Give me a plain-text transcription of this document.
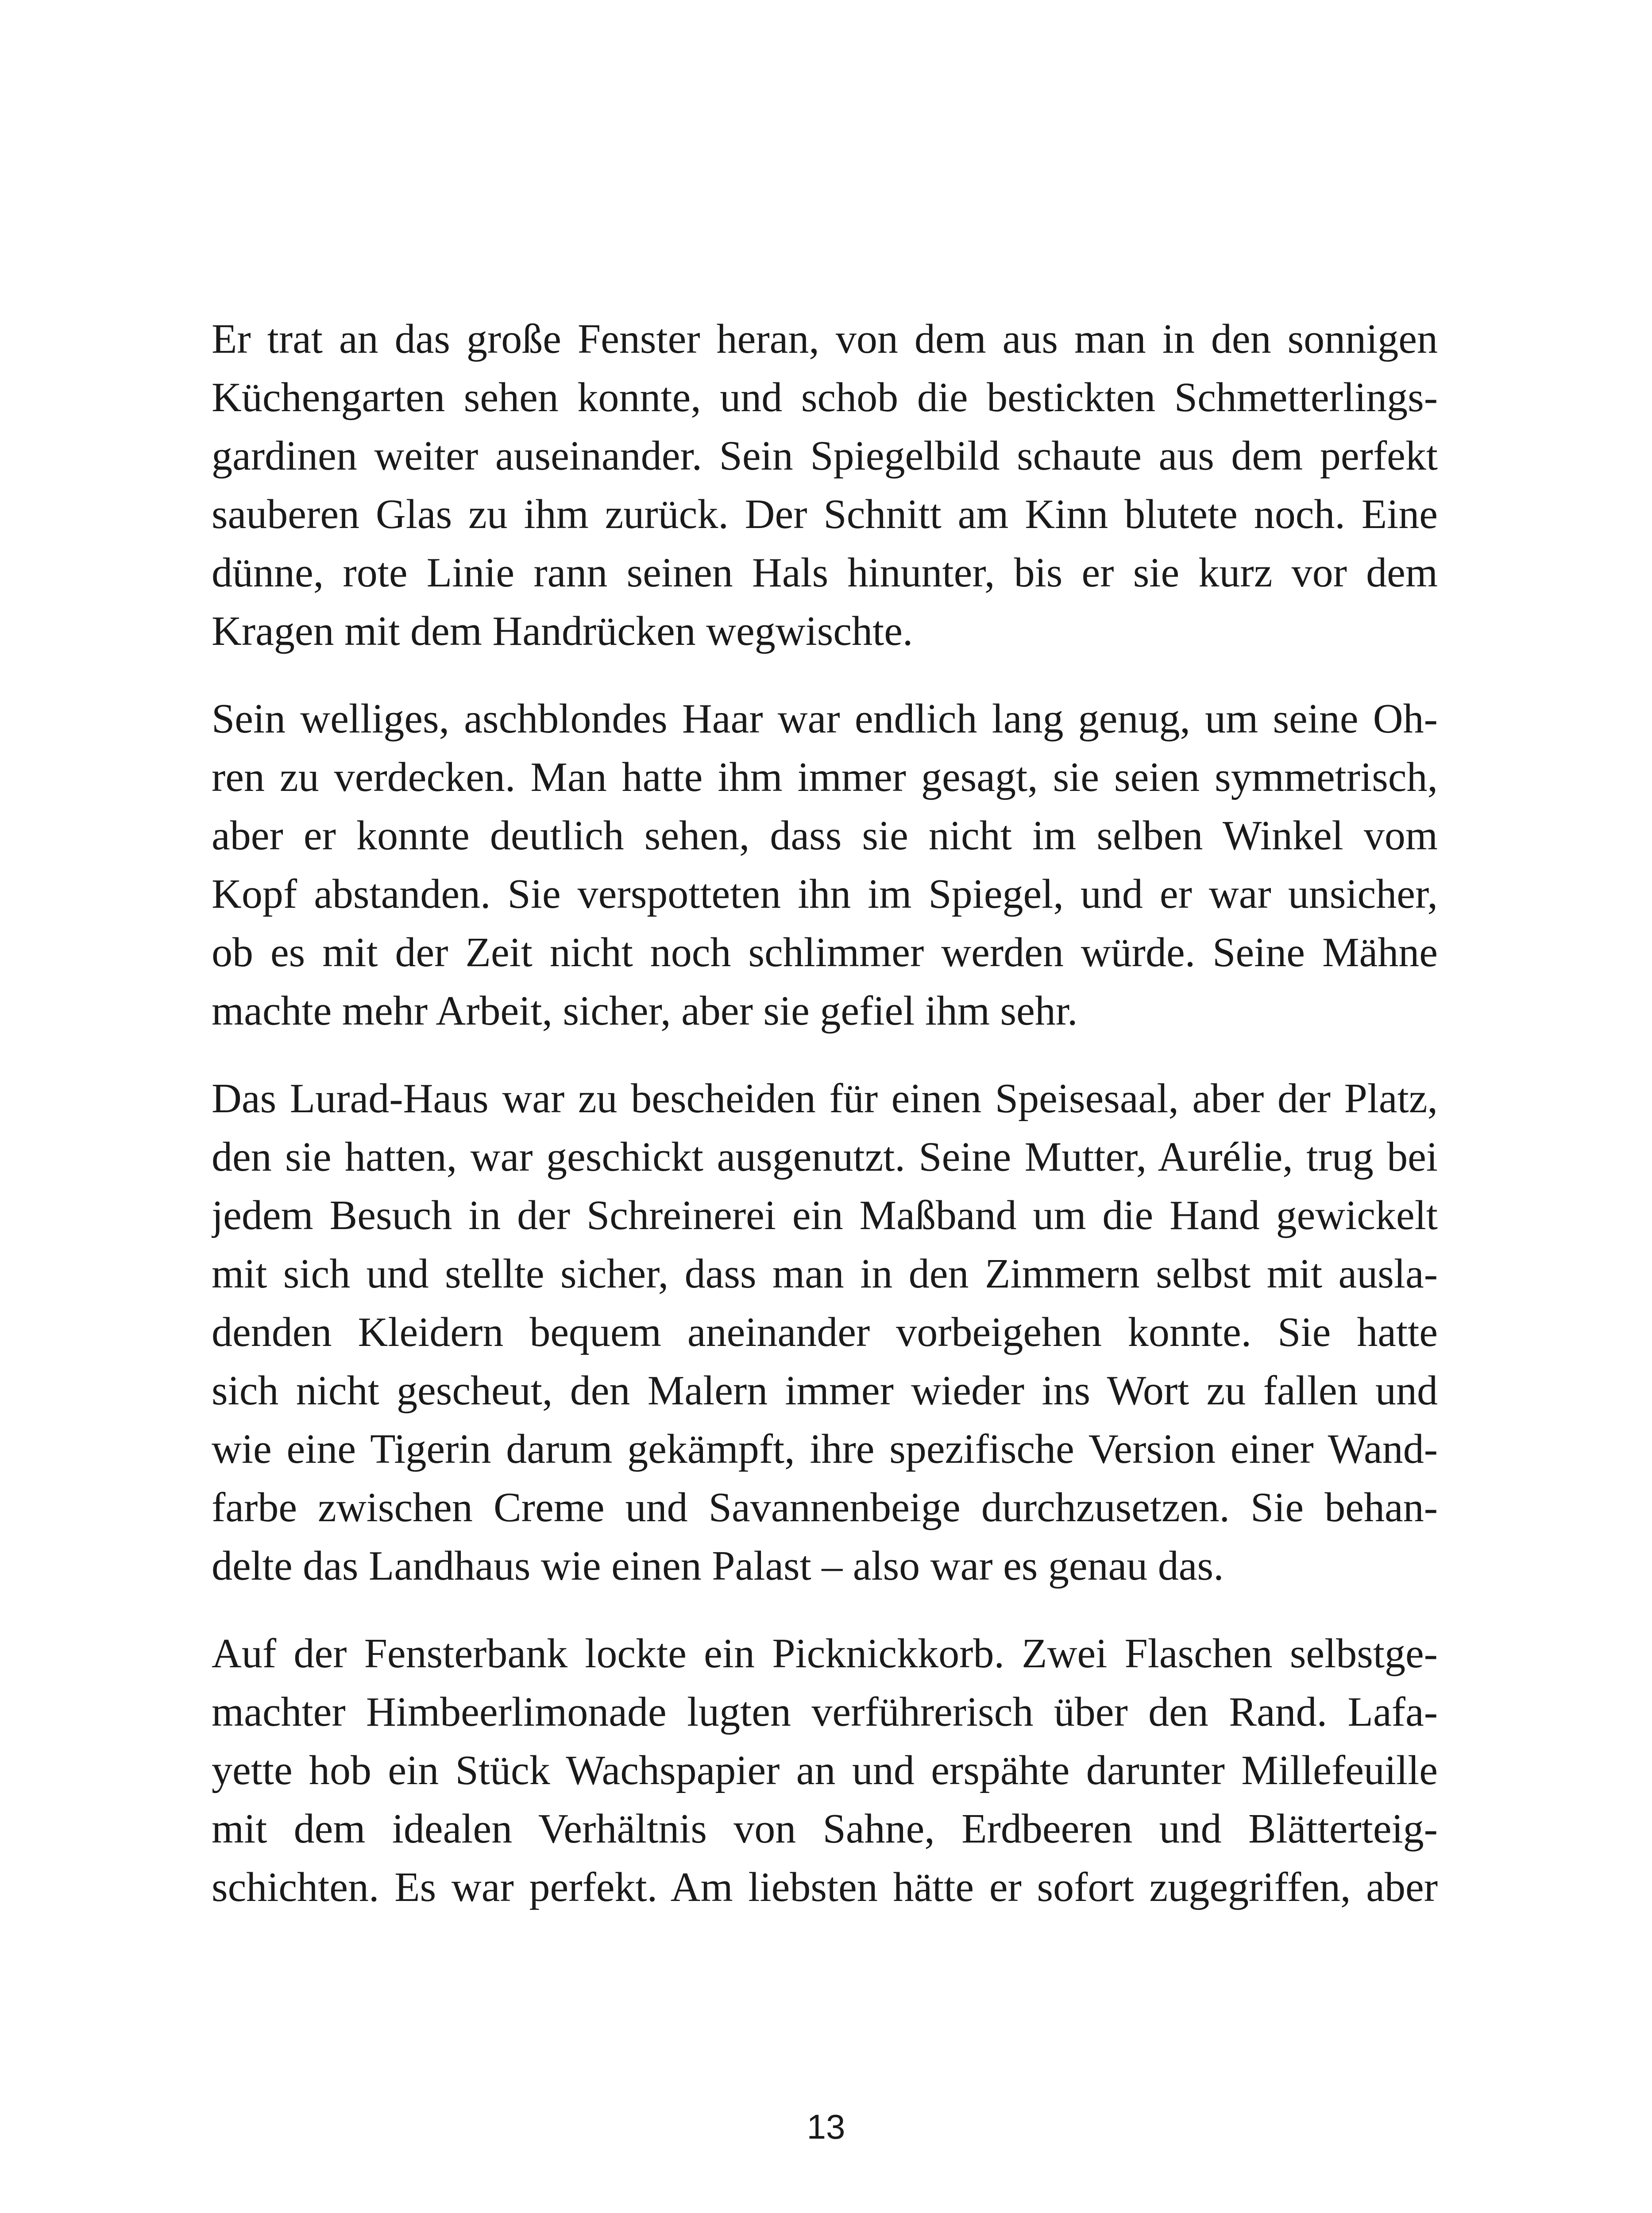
Er trat an das große Fenster heran, von dem aus man in den sonnigen
Küchengarten sehen konnte, und schob die bestickten Schmetterlings-
gardinen weiter auseinander. Sein Spiegelbild schaute aus dem perfekt
sauberen Glas zu ihm zurück. Der Schnitt am Kinn blutete noch. Eine
dünne, rote Linie rann seinen Hals hinunter, bis er sie kurz vor dem
Kragen mit dem Handrücken wegwischte.
Sein welliges, aschblondes Haar war endlich lang genug, um seine Oh-
ren zu verdecken. Man hatte ihm immer gesagt, sie seien symmetrisch,
aber er konnte deutlich sehen, dass sie nicht im selben Winkel vom
Kopf abstanden. Sie verspotteten ihn im Spiegel, und er war unsicher,
ob es mit der Zeit nicht noch schlimmer werden würde. Seine Mähne
machte mehr Arbeit, sicher, aber sie gefiel ihm sehr.
Das Lurad-Haus war zu bescheiden für einen Speisesaal, aber der Platz,
den sie hatten, war geschickt ausgenutzt. Seine Mutter, Aurélie, trug bei
jedem Besuch in der Schreinerei ein Maßband um die Hand gewickelt
mit sich und stellte sicher, dass man in den Zimmern selbst mit ausla-
denden Kleidern bequem aneinander vorbeigehen konnte. Sie hatte
sich nicht gescheut, den Malern immer wieder ins Wort zu fallen und
wie eine Tigerin darum gekämpft, ihre spezifische Version einer Wand-
farbe zwischen Creme und Savannenbeige durchzusetzen. Sie behan-
delte das Landhaus wie einen Palast – also war es genau das.
Auf der Fensterbank lockte ein Picknickkorb. Zwei Flaschen selbstge-
machter Himbeerlimonade lugten verführerisch über den Rand. Lafa-
yette hob ein Stück Wachspapier an und erspähte darunter Millefeuille
mit dem idealen Verhältnis von Sahne, Erdbeeren und Blätterteig-
schichten. Es war perfekt. Am liebsten hätte er sofort zugegriffen, aber
13
